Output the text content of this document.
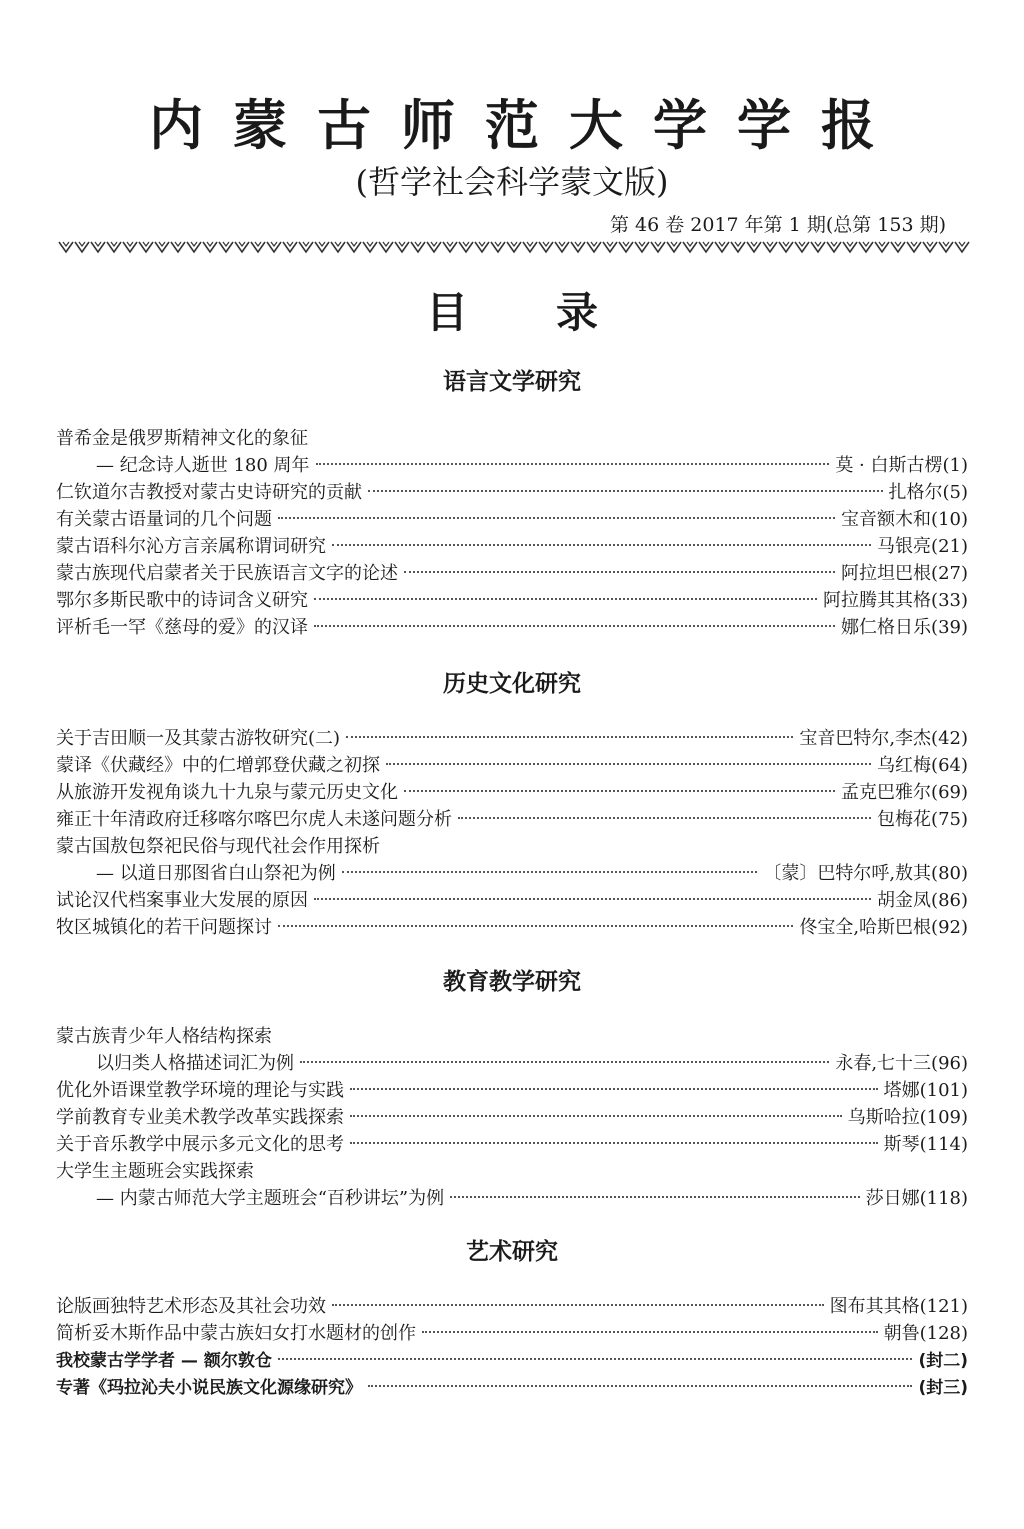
内蒙古师范大学学报
(哲学社会科学蒙文版)
第 46 卷 2017 年第 1 期(总第 153 期)
目 录
语言文学研究
普希金是俄罗斯精神文化的象征
— 纪念诗人逝世 180 周年	莫 · 白斯古楞(1)
仁钦道尔吉教授对蒙古史诗研究的贡献	扎格尔(5)
有关蒙古语量词的几个问题	宝音额木和(10)
蒙古语科尔沁方言亲属称谓词研究	马银亮(21)
蒙古族现代启蒙者关于民族语言文字的论述	阿拉坦巴根(27)
鄂尔多斯民歌中的诗词含义研究	阿拉腾其其格(33)
评析毛一罕《慈母的爱》的汉译	娜仁格日乐(39)
历史文化研究
关于吉田顺一及其蒙古游牧研究(二)	宝音巴特尔,李杰(42)
蒙译《伏藏经》中的仁增郭登伏藏之初探	乌红梅(64)
从旅游开发视角谈九十九泉与蒙元历史文化	孟克巴雅尔(69)
雍正十年清政府迁移喀尔喀巴尔虎人未遂问题分析	包梅花(75)
蒙古国敖包祭祀民俗与现代社会作用探析
— 以道日那图省白山祭祀为例	〔蒙〕巴特尔呼,敖其(80)
试论汉代档案事业大发展的原因	胡金凤(86)
牧区城镇化的若干问题探讨	佟宝全,哈斯巴根(92)
教育教学研究
蒙古族青少年人格结构探索
以归类人格描述词汇为例	永春,七十三(96)
优化外语课堂教学环境的理论与实践	塔娜(101)
学前教育专业美术教学改革实践探索	乌斯哈拉(109)
关于音乐教学中展示多元文化的思考	斯琴(114)
大学生主题班会实践探索
— 内蒙古师范大学主题班会“百秒讲坛”为例	莎日娜(118)
艺术研究
论版画独特艺术形态及其社会功效	图布其其格(121)
简析妥木斯作品中蒙古族妇女打水题材的创作	朝鲁(128)
我校蒙古学学者 — 额尔敦仓	(封二)
专著《玛拉沁夫小说民族文化源缘研究》	(封三)
